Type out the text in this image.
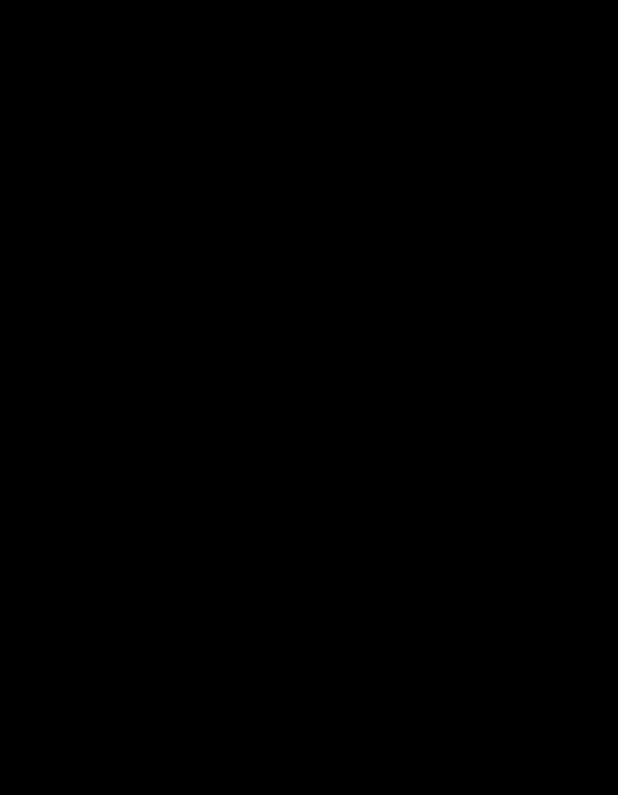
WYKAZ MINIMALNYCH WYMAGANYCH ILOŚCI MATERIAŁÓW,
ŚRODKÓW CHEMICZNYCH I PALIWA
DO REALIZACJI ZAMÓWIENIA
L.p.	Nazwa materiału lub środka chemicznego	J.m.
Ilość minimalna
wymagana
do realizacji w skali
1 miesiąca
1	2	3	4
1. Uniwersalny płyn do podłóg	litr	20
2. Mop do zmywania podłóg	szt.	20
3. Ściereczki do kurzu	szt.	20
4. Preparat do pielęgnacji mebli i urządzeń
biurowych aerozol 300- 350 ml
szt.	10
5. Worki na śmieci małe 35/60 l rolka 50 szt.	rolki	40
6. Worki na śmieci duże 120 l rolka - 25 szt.	rolki	20
7. Płyn do szyb	litr	10
8. Płyn do WC	litr	10
9. Preparat do czyszczenia armatury	litr	5
10. Preparat do mycia glazury i terrakoty	litr	5
11. Ręczniki papierowe 1 op. – 4000 listków	op.	20
12. Papier toaletowy	rolki	2500
13. Odświeżacz powietrza aerozol 300 – 350 ml	szt.	10
14. Kostka zapachowa do WC	szt.	200
15. Mydło w płynie	litr	50
16. Preparat do prania wykładzin	litr	2
17. Proszek do prania firan	kg	5
18. Preparat do polimeryzacji	litr	2
19. Preparat do dezynfekcji	litr	3
20. Preparat do konserwacji i nabłyszczania PCV,
linoleum, gumolitum, lakierowany parkiet
litr	4
21. Preparat chwastobójczy	litr	2
22. Chlorek wapnia – okres zimowy	tona	1
23. Piasek – okres zimowy	tona	5
24. Paliwo	litr	50
